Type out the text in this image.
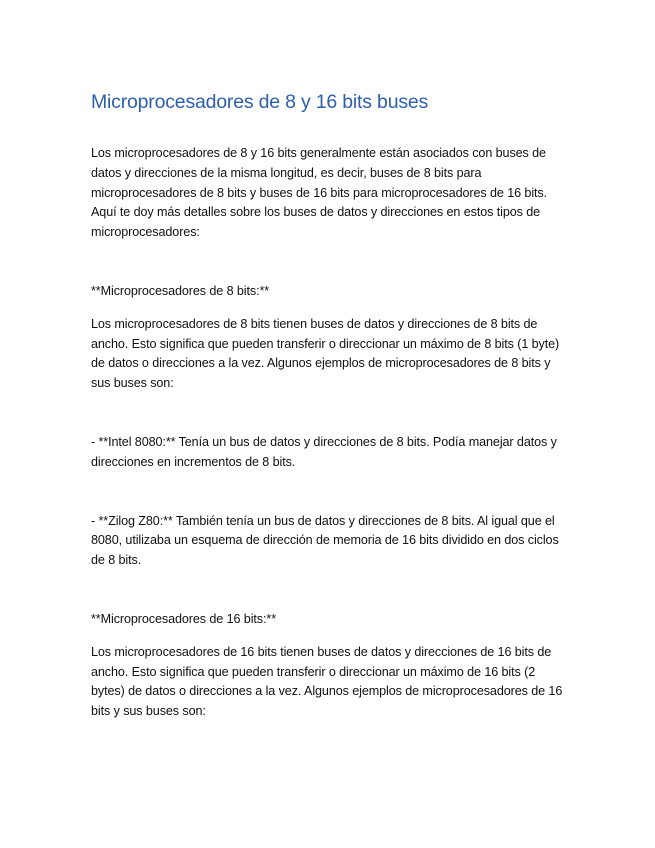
Microprocesadores de 8 y 16 bits buses

Los microprocesadores de 8 y 16 bits generalmente están asociados con buses de datos y direcciones de la misma longitud, es decir, buses de 8 bits para microprocesadores de 8 bits y buses de 16 bits para microprocesadores de 16 bits. Aquí te doy más detalles sobre los buses de datos y direcciones en estos tipos de microprocesadores:

**Microprocesadores de 8 bits:**

Los microprocesadores de 8 bits tienen buses de datos y direcciones de 8 bits de ancho. Esto significa que pueden transferir o direccionar un máximo de 8 bits (1 byte) de datos o direcciones a la vez. Algunos ejemplos de microprocesadores de 8 bits y sus buses son:

- **Intel 8080:** Tenía un bus de datos y direcciones de 8 bits. Podía manejar datos y direcciones en incrementos de 8 bits.

- **Zilog Z80:** También tenía un bus de datos y direcciones de 8 bits. Al igual que el 8080, utilizaba un esquema de dirección de memoria de 16 bits dividido en dos ciclos de 8 bits.

**Microprocesadores de 16 bits:**

Los microprocesadores de 16 bits tienen buses de datos y direcciones de 16 bits de ancho. Esto significa que pueden transferir o direccionar un máximo de 16 bits (2 bytes) de datos o direcciones a la vez. Algunos ejemplos de microprocesadores de 16 bits y sus buses son:
